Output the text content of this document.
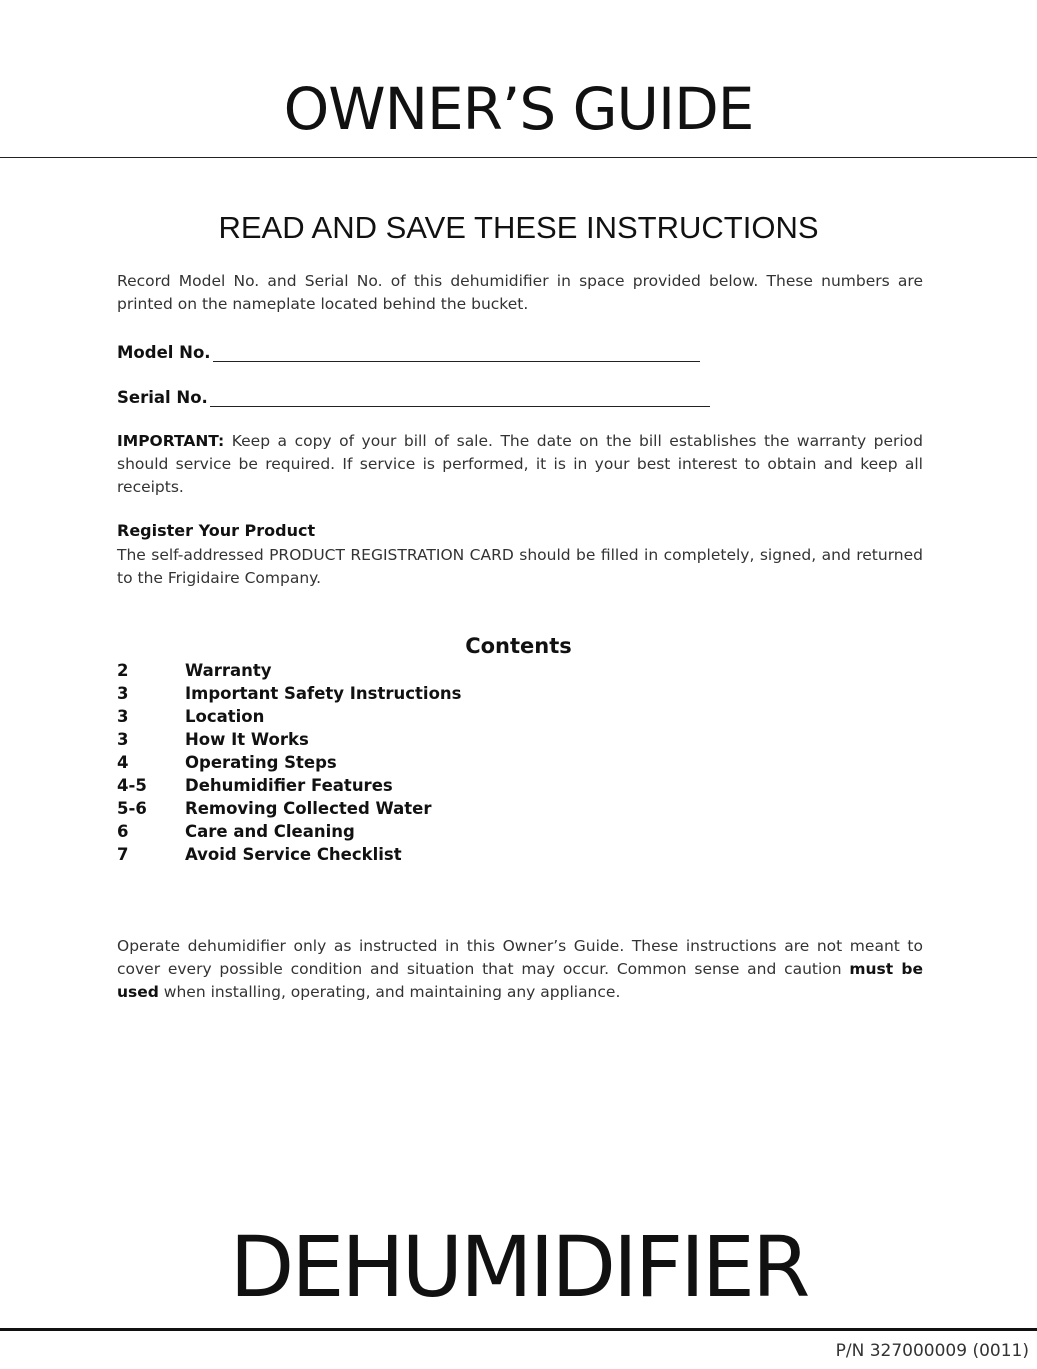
OWNER’S GUIDE
READ AND SAVE THESE INSTRUCTIONS

Record Model No. and Serial No. of this dehumidifier in space provided below. These numbers are printed on the nameplate located behind the bucket.

Model No.
Serial No.

IMPORTANT: Keep a copy of your bill of sale. The date on the bill establishes the warranty period should service be required. If service is performed, it is in your best interest to obtain and keep all receipts.

Register Your Product

The self-addressed PRODUCT REGISTRATION CARD should be filled in completely, signed, and returned to the Frigidaire Company.

Contents
2	Warranty
3	Important Safety Instructions
3	Location
3	How It Works
4	Operating Steps
4-5	Dehumidifier Features
5-6	Removing Collected Water
6	Care and Cleaning
7	Avoid Service Checklist

Operate dehumidifier only as instructed in this Owner’s Guide. These instructions are not meant to cover every possible condition and situation that may occur. Common sense and caution must be used when installing, operating, and maintaining any appliance.

DEHUMIDIFIER

P/N 327000009 (0011)
